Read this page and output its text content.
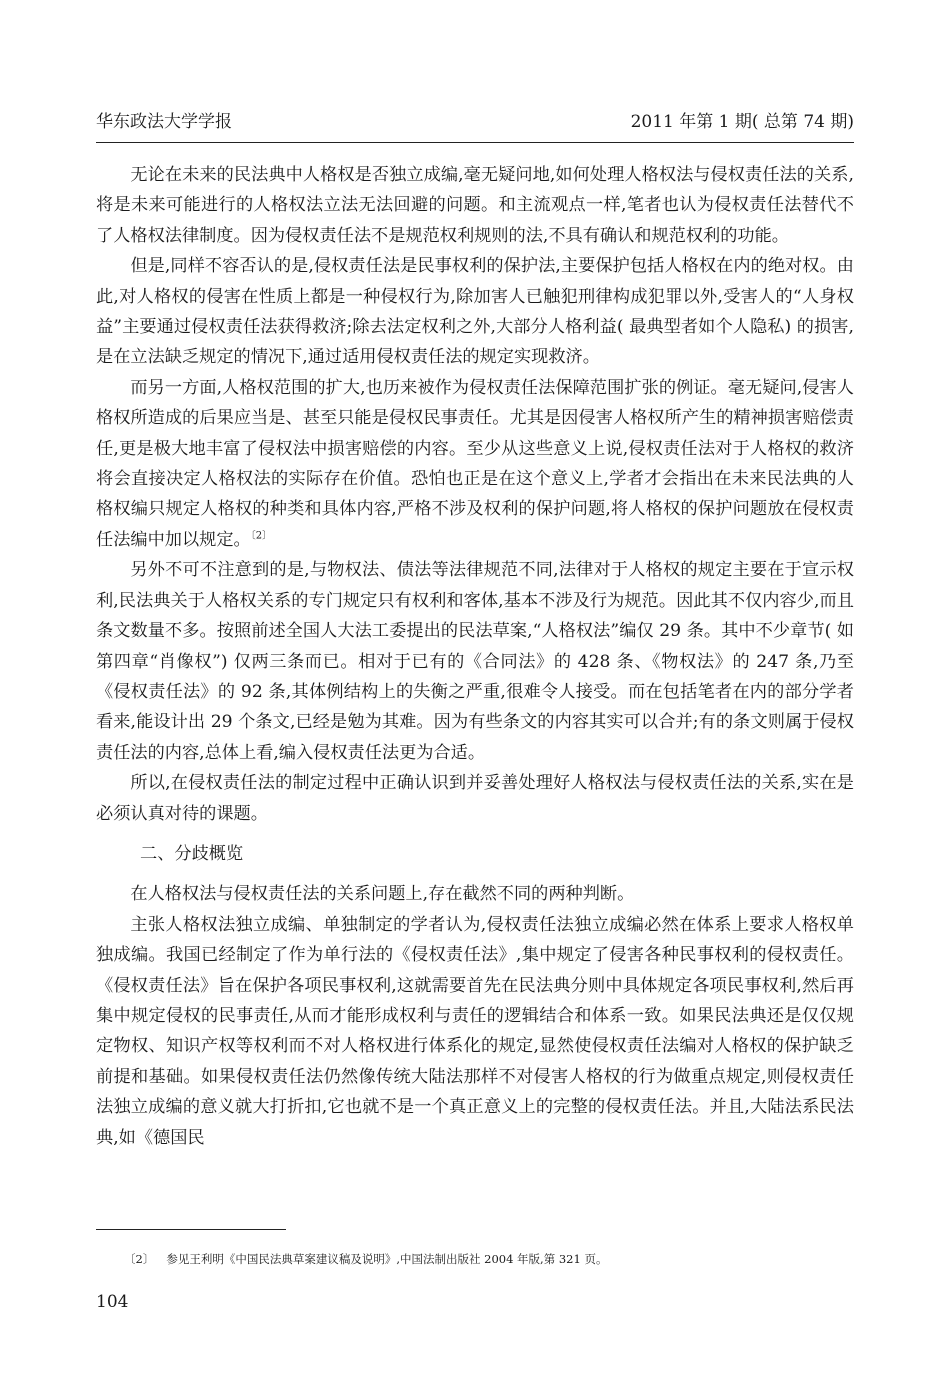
华东政法大学学报	2011 年第 1 期( 总第 74 期)

无论在未来的民法典中人格权是否独立成编,毫无疑问地,如何处理人格权法与侵权责任法的关系,将是未来可能进行的人格权法立法无法回避的问题。和主流观点一样,笔者也认为侵权责任法替代不了人格权法律制度。因为侵权责任法不是规范权利规则的法,不具有确认和规范权利的功能。

但是,同样不容否认的是,侵权责任法是民事权利的保护法,主要保护包括人格权在内的绝对权。由此,对人格权的侵害在性质上都是一种侵权行为,除加害人已触犯刑律构成犯罪以外,受害人的“人身权益”主要通过侵权责任法获得救济;除去法定权利之外,大部分人格利益( 最典型者如个人隐私) 的损害,是在立法缺乏规定的情况下,通过适用侵权责任法的规定实现救济。

而另一方面,人格权范围的扩大,也历来被作为侵权责任法保障范围扩张的例证。毫无疑问,侵害人格权所造成的后果应当是、甚至只能是侵权民事责任。尤其是因侵害人格权所产生的精神损害赔偿责任,更是极大地丰富了侵权法中损害赔偿的内容。至少从这些意义上说,侵权责任法对于人格权的救济将会直接决定人格权法的实际存在价值。恐怕也正是在这个意义上,学者才会指出在未来民法典的人格权编只规定人格权的种类和具体内容,严格不涉及权利的保护问题,将人格权的保护问题放在侵权责任法编中加以规定。$^{〔2〕}$

另外不可不注意到的是,与物权法、债法等法律规范不同,法律对于人格权的规定主要在于宣示权利,民法典关于人格权关系的专门规定只有权利和客体,基本不涉及行为规范。因此其不仅内容少,而且条文数量不多。按照前述全国人大法工委提出的民法草案,“人格权法”编仅 29 条。其中不少章节( 如第四章“肖像权”) 仅两三条而已。相对于已有的《合同法》的 428 条、《物权法》的 247 条,乃至《侵权责任法》的 92 条,其体例结构上的失衡之严重,很难令人接受。而在包括笔者在内的部分学者看来,能设计出 29 个条文,已经是勉为其难。因为有些条文的内容其实可以合并;有的条文则属于侵权责任法的内容,总体上看,编入侵权责任法更为合适。

所以,在侵权责任法的制定过程中正确认识到并妥善处理好人格权法与侵权责任法的关系,实在是必须认真对待的课题。

二、分歧概览

在人格权法与侵权责任法的关系问题上,存在截然不同的两种判断。

主张人格权法独立成编、单独制定的学者认为,侵权责任法独立成编必然在体系上要求人格权单独成编。我国已经制定了作为单行法的《侵权责任法》,集中规定了侵害各种民事权利的侵权责任。《侵权责任法》旨在保护各项民事权利,这就需要首先在民法典分则中具体规定各项民事权利,然后再集中规定侵权的民事责任,从而才能形成权利与责任的逻辑结合和体系一致。如果民法典还是仅仅规定物权、知识产权等权利而不对人格权进行体系化的规定,显然使侵权责任法编对人格权的保护缺乏前提和基础。如果侵权责任法仍然像传统大陆法那样不对侵害人格权的行为做重点规定,则侵权责任法独立成编的意义就大打折扣,它也就不是一个真正意义上的完整的侵权责任法。并且,大陆法系民法典,如《德国民

〔2〕 参见王利明《中国民法典草案建议稿及说明》,中国法制出版社 2004 年版,第 321 页。
104
